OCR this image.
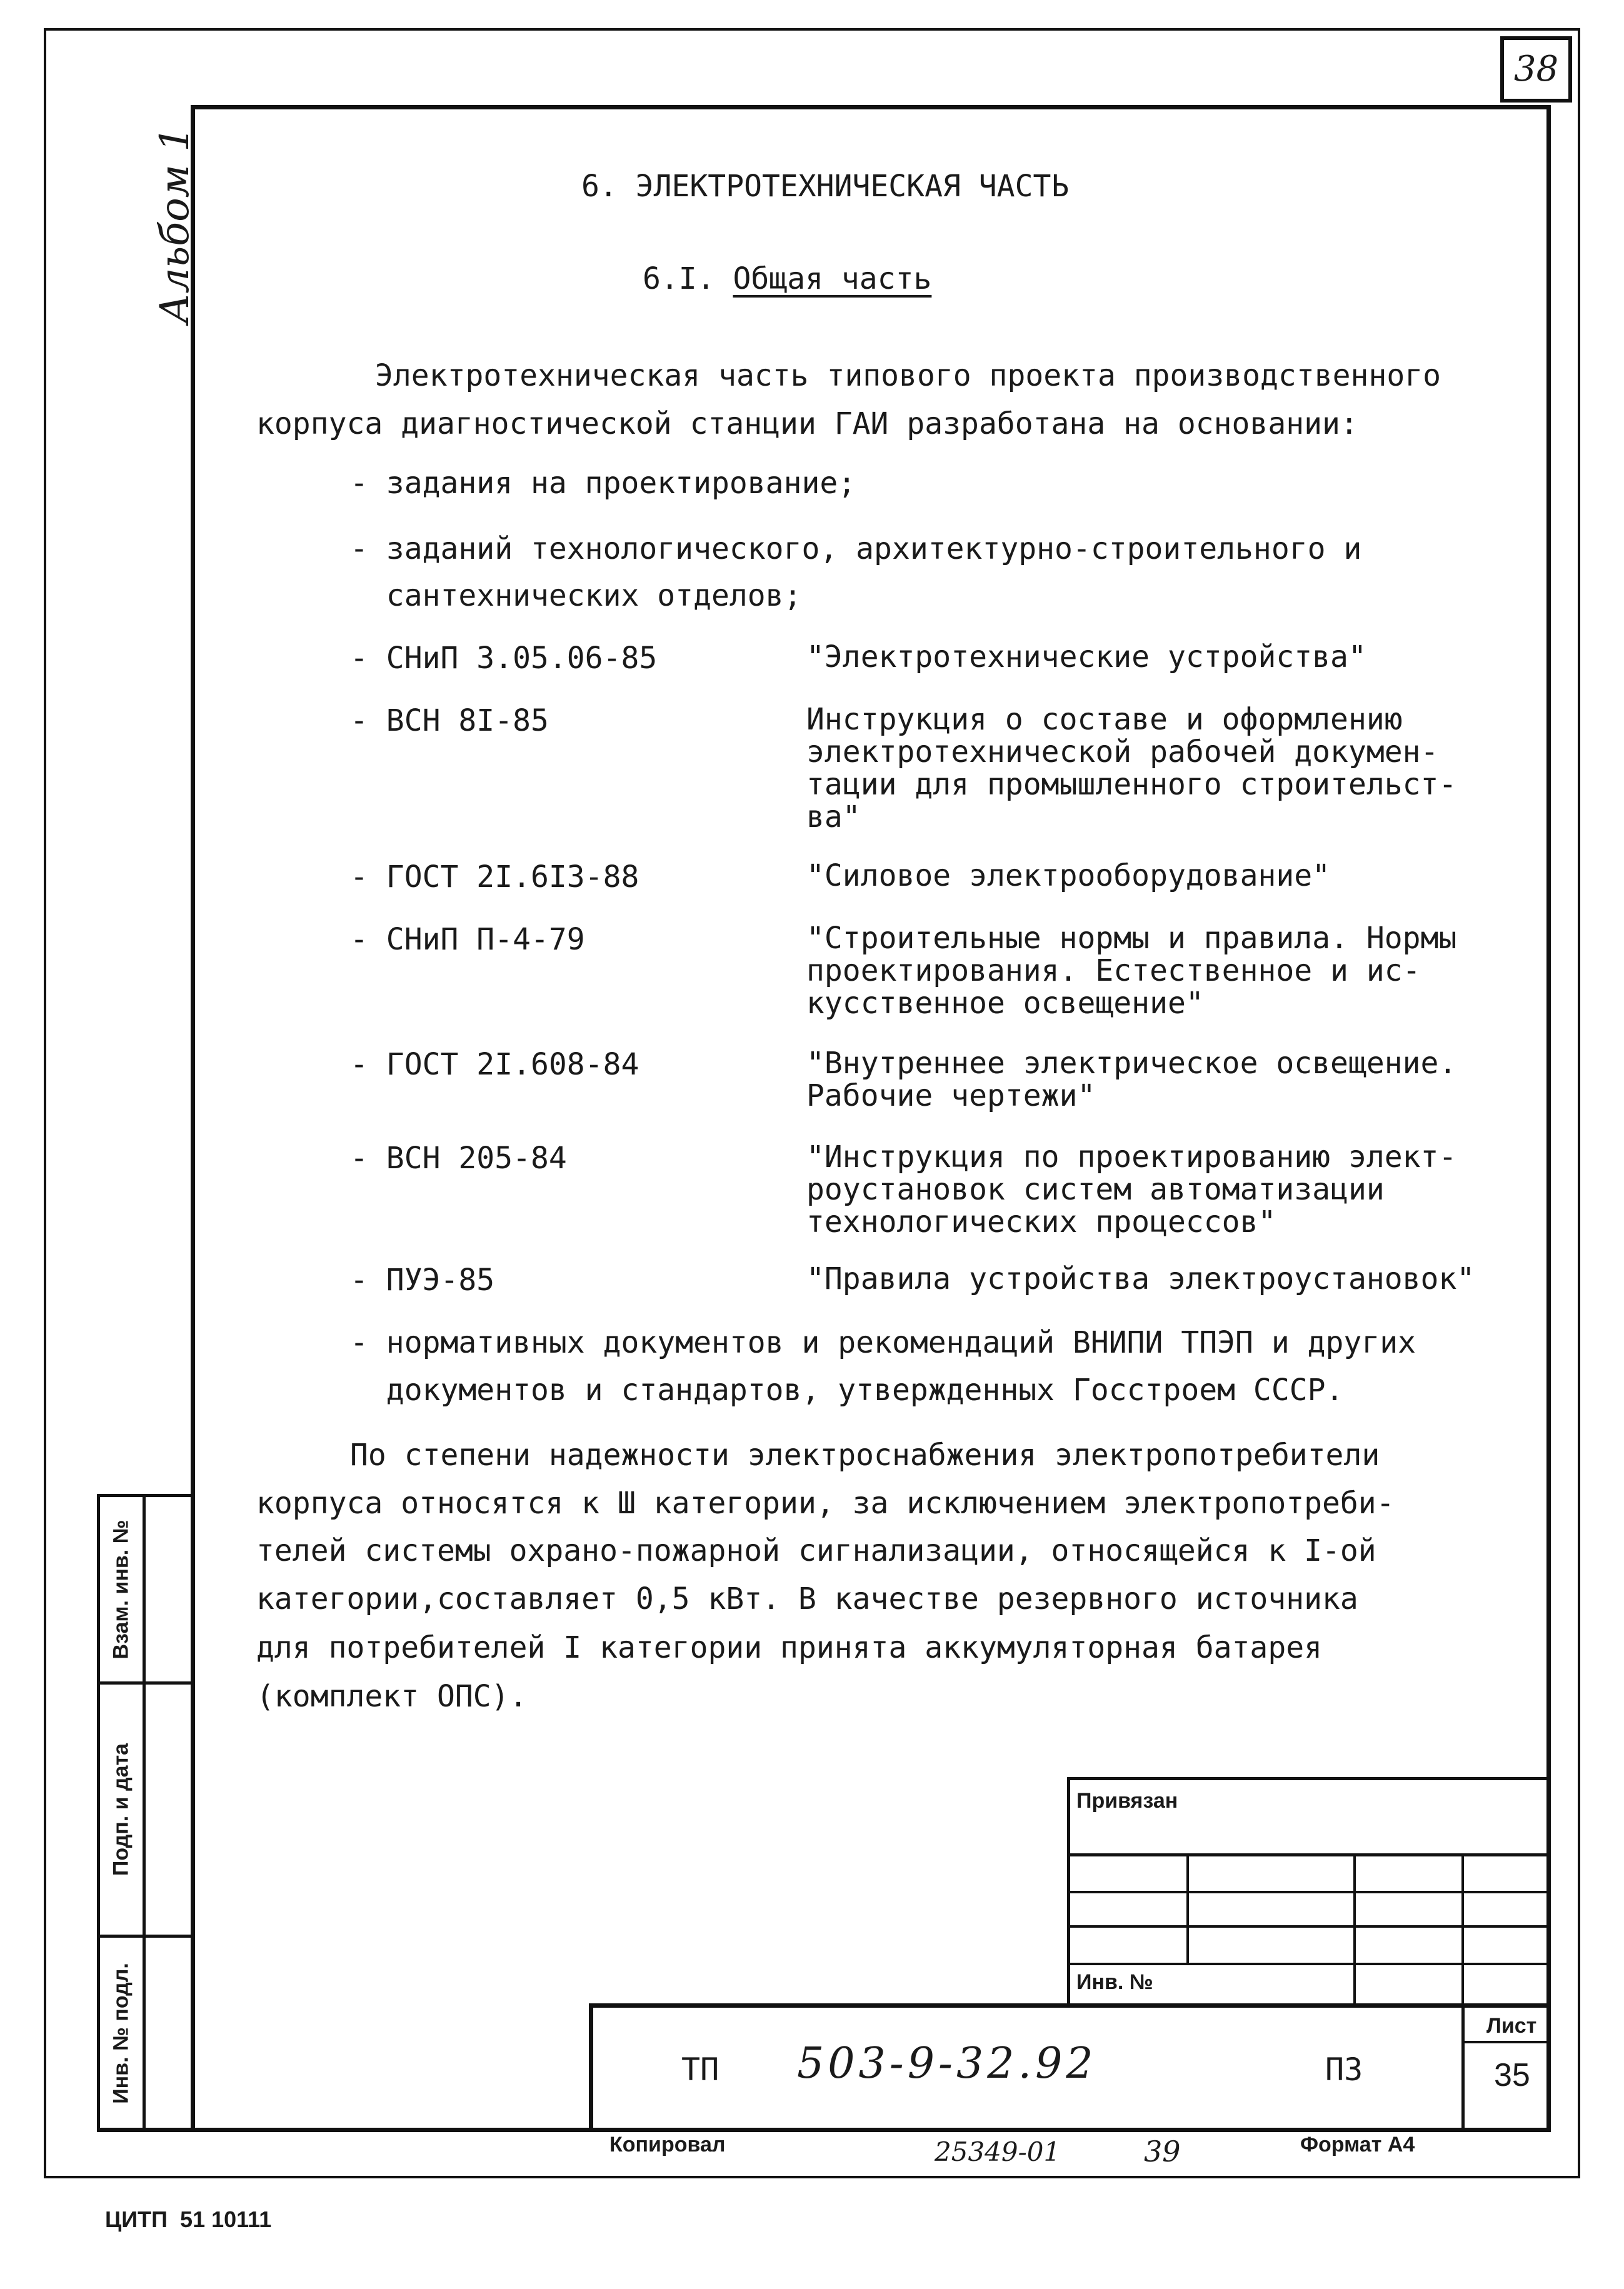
38
Альбом 1	6. ЭЛЕКТРОТЕХНИЧЕСКАЯ ЧАСТЬ
6.I. Общая часть
Электротехническая часть типового проекта производственного
корпуса диагностической станции ГАИ разработана на основании:
- задания на проектирование;
- заданий технологического, архитектурно-строительного и
сантехнических отделов;
- СНиП 3.05.06-85	"Электротехнические устройства"
- ВСН 8I-85	Инструкция о составе и оформлению
электротехнической рабочей докумен-
тации для промышленного строительст-
ва"
- ГОСТ 2I.6I3-88	"Силовое электрооборудование"
- СНиП П-4-79	"Строительные нормы и правила. Нормы
проектирования. Естественное и ис-
кусственное освещение"
- ГОСТ 2I.608-84	"Внутреннее электрическое освещение.
Рабочие чертежи"
- ВСН 205-84	"Инструкция по проектированию элект-
роустановок систем автоматизации
технологических процессов"
- ПУЭ-85	"Правила устройства электроустановок"
- нормативных документов и рекомендаций ВНИПИ ТПЭП и других
документов и стандартов, утвержденных Госстроем СССР.
По степени надежности электроснабжения электропотребители
корпуса относятся к Ш категории, за исключением электропотреби-
телей системы охрано-пожарной сигнализации, относящейся к I-ой
категории,составляет 0,5 кВт. В качестве резервного источника
для потребителей I категории принята аккумуляторная батарея
(комплект ОПС).
Взам. инв. №
Подп. и дата
Инв. № подл.
Привязан
Инв. №
Лист
35
ТП 503-9-32.92	ПЗ
Копировал	25349-01	39	Формат А4
ЦИТП  51 10111
